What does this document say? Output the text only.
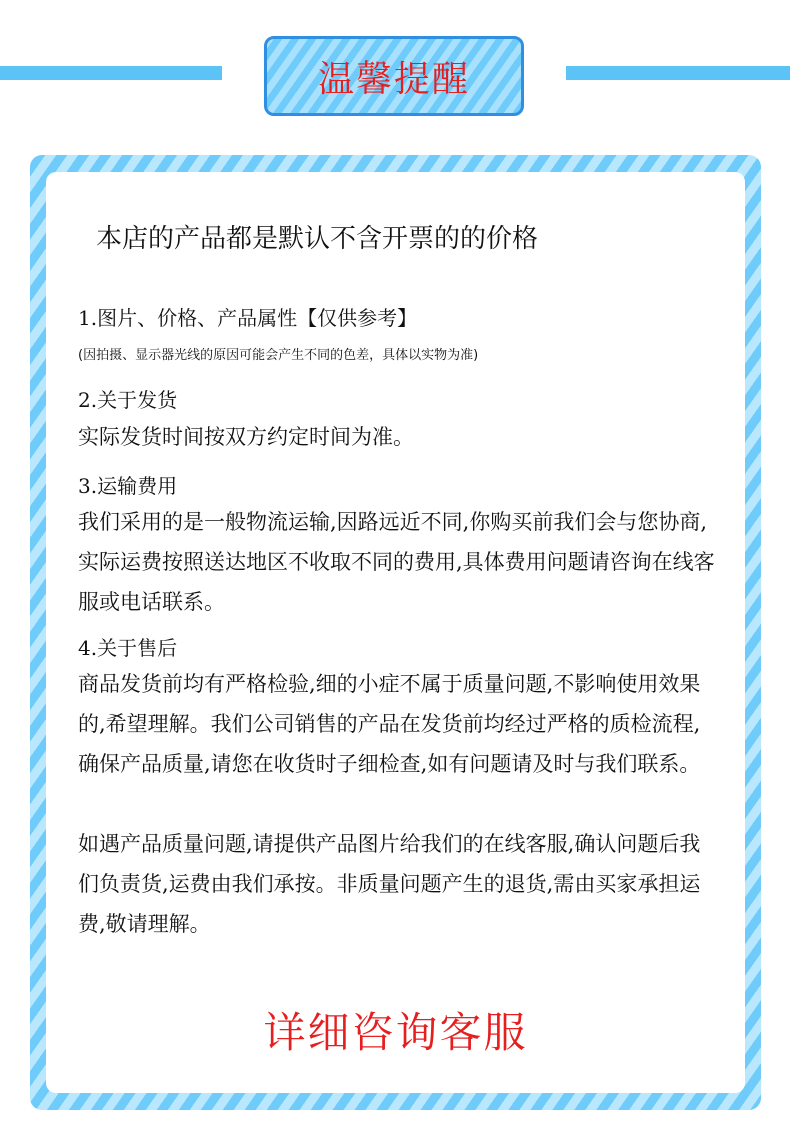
温馨提醒
本店的产品都是默认不含开票的的价格
1.图片、价格、产品属性【仅供参考】
(因拍摄、显示器光线的原因可能会产生不同的色差，具体以实物为准)
2.关于发货
实际发货时间按双方约定时间为准。
3.运输费用
我们采用的是一般物流运输,因路远近不同,你购买前我们会与您协商,实际运费按照送达地区不收取不同的费用,具体费用问题请咨询在线客服或电话联系。
4.关于售后
商品发货前均有严格检验,细的小症不属于质量问题,不影响使用效果的,希望理解。我们公司销售的产品在发货前均经过严格的质检流程,确保产品质量,请您在收货时子细检查,如有问题请及时与我们联系。
如遇产品质量问题,请提供产品图片给我们的在线客服,确认问题后我们负责货,运费由我们承按。非质量问题产生的退货,需由买家承担运费,敬请理解。
详细咨询客服
